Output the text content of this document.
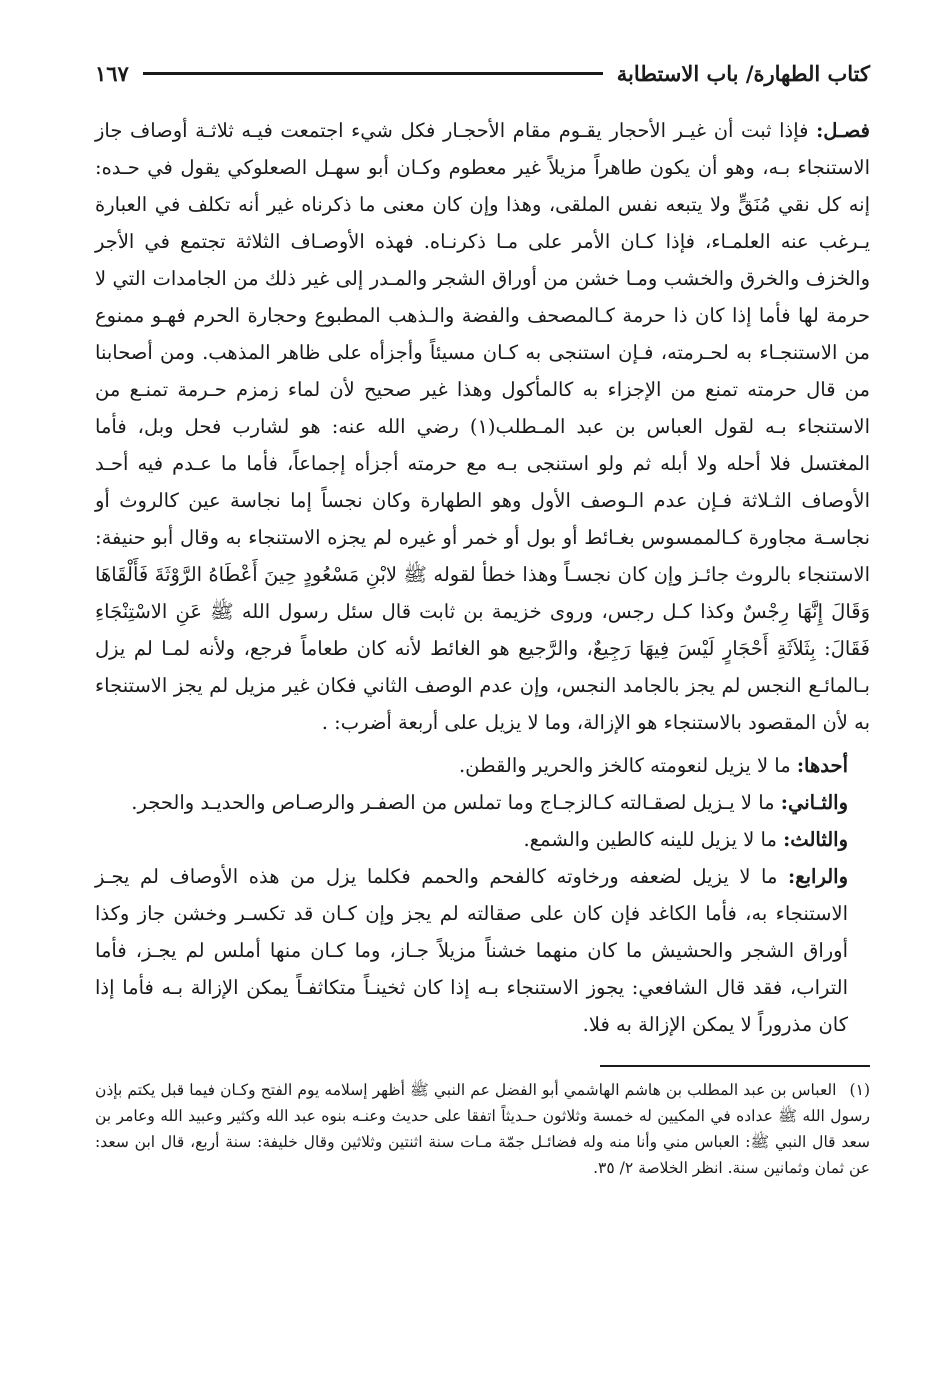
كتاب الطهارة/ باب الاستطابة
١٦٧

فصـل: فإذا ثبت أن غيـر الأحجار يقـوم مقام الأحجـار فكل شيء اجتمعت فيـه ثلاثـة أوصاف جاز الاستنجاء بـه، وهو أن يكون طاهراً مزيلاً غير معطوم وكـان أبو سهـل الصعلوكي يقول في حـده: إنه كل نقي مُنَقٍّ ولا يتبعه نفس الملقى، وهذا وإن كان معنى ما ذكرناه غير أنه تكلف في العبارة يـرغب عنه العلمـاء، فإذا كـان الأمر على مـا ذكرنـاه. فهذه الأوصـاف الثلاثة تجتمع في الأجر والخزف والخرق والخشب ومـا خشن من أوراق الشجر والمـدر إلى غير ذلك من الجامدات التي لا حرمة لها فأما إذا كان ذا حرمة كـالمصحف والفضة والـذهب المطبوع وحجارة الحرم فهـو ممنوع من الاستنجـاء به لحـرمته، فـإن استنجى به كـان مسيئاً وأجزأه على ظاهر المذهب. ومن أصحابنا من قال حرمته تمنع من الإجزاء به كالمأكول وهذا غير صحيح لأن لماء زمزم حـرمة تمنـع من الاستنجاء بـه لقول العباس بن عبد المـطلب(١) رضي الله عنه: هو لشارب فحل وبل، فأما المغتسل فلا أحله ولا أبله ثم ولو استنجى بـه مع حرمته أجزأه إجماعاً، فأما ما عـدم فيه أحـد الأوصاف الثـلاثة فـإن عدم الـوصف الأول وهو الطهارة وكان نجساً إما نجاسة عين كالروث أو نجاسـة مجاورة كـالممسوس بغـائط أو بول أو خمر أو غيره لم يجزه الاستنجاء به وقال أبو حنيفة: الاستنجاء بالروث جائـز وإن كان نجسـاً وهذا خطأ لقوله ﷺ لابْنِ مَسْعُودٍ حِينَ أَعْطَاهُ الرَّوْثَةَ فَأَلْقَاهَا وَقَالَ إِنَّهَا رِجْسٌ وكذا كـل رجس، وروى خزيمة بن ثابت قال سئل رسول الله ﷺ عَنِ الاسْتِنْجَاءِ فَقَالَ: بِثَلاَثَةِ أَحْجَارٍ لَيْسَ فِيهَا رَجِيعٌ، والرَّجيع هو الغائط لأنه كان طعاماً فرجع، ولأنه لمـا لم يزل بـالمائـع النجس لم يجز بالجامد النجس، وإن عدم الوصف الثاني فكان غير مزيل لم يجز الاستنجاء به لأن المقصود بالاستنجاء هو الإزالة، وما لا يزيل على أربعة أضرب: .

أحدها: ما لا يزيل لنعومته كالخز والحرير والقطن.

والثـاني: ما لا يـزيل لصقـالته كـالزجـاج وما تملس من الصفـر والرصـاص والحديـد والحجر.

والثالث: ما لا يزيل للينه كالطين والشمع.

والرابع: ما لا يزيل لضعفه ورخاوته كالفحم والحمم فكلما يزل من هذه الأوصاف لم يجـز الاستنجاء به، فأما الكاغد فإن كان على صقالته لم يجز وإن كـان قد تكسـر وخشن جاز وكذا أوراق الشجر والحشيش ما كان منهما خشناً مزيلاً جـاز، وما كـان منها أملس لم يجـز، فأما التراب، فقد قال الشافعي: يجوز الاستنجاء بـه إذا كان ثخينـاً متكاثفـاً يمكن الإزالة بـه فأما إذا كان مذروراً لا يمكن الإزالة به فلا.

(١) العباس بن عبد المطلب بن هاشم الهاشمي أبو الفضل عم النبي ﷺ أظهر إسلامه يوم الفتح وكـان فيما قبل يكتم بإذن رسول الله ﷺ عداده في المكيين له خمسة وثلاثون حـديثاً اتفقا على حديث وعنـه بنوه عبد الله وكثير وعبيد الله وعامر بن سعد قال النبي ﷺ: العباس مني وأنا منه وله فضائـل جمّة مـات سنة اثنتين وثلاثين وقال خليفة: سنة أربع، قال ابن سعد: عن ثمان وثمانين سنة. انظر الخلاصة ٢/ ٣٥.
